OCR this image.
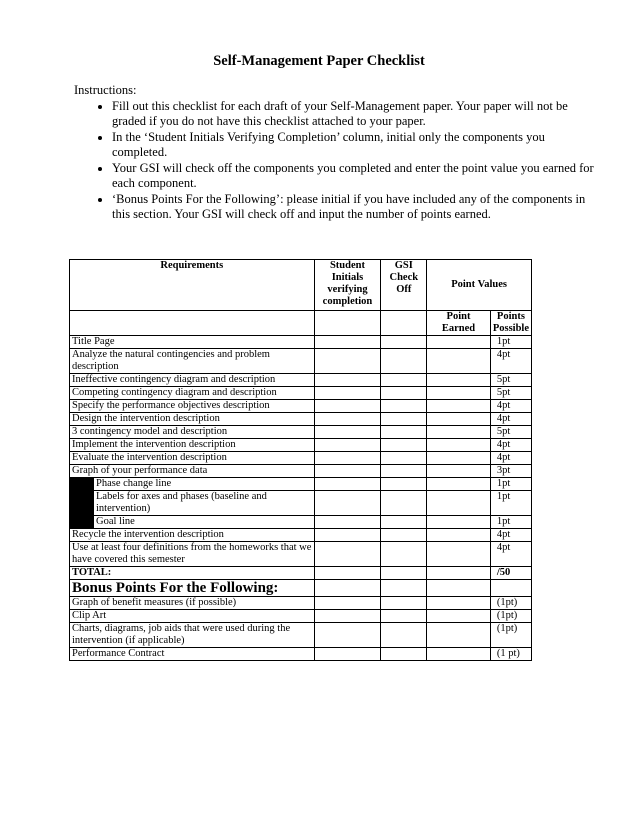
Self-Management Paper Checklist
Instructions:
• Fill out this checklist for each draft of your Self-Management paper. Your paper will not be graded if you do not have this checklist attached to your paper.
• In the ‘Student Initials Verifying Completion’ column, initial only the components you completed.
• Your GSI will check off the components you completed and enter the point value you earned for each component.
• ‘Bonus Points For the Following’: please initial if you have included any of the components in this section. Your GSI will check off and input the number of points earned.
Requirements	Student Initials verifying completion	GSI Check Off	Point Values	
			Point Earned	Points Possible
Title Page				1pt
Analyze the natural contingencies and problem description				4pt
Ineffective contingency diagram and description				5pt
Competing contingency diagram and description				5pt
Specify the performance objectives description				4pt
Design the intervention description				4pt
3 contingency model and description				5pt
Implement the intervention description				4pt
Evaluate the intervention description				4pt
Graph of your performance data				3pt

Phase change line				1pt

Labels for axes and phases (baseline and intervention)				1pt

Goal line				1pt
Recycle the intervention description				4pt
Use at least four definitions from the homeworks that we have covered this semester				4pt
TOTAL:				/50
Bonus Points For the Following:				
Graph of benefit measures (if possible)				(1pt)
Clip Art				(1pt)
Charts, diagrams, job aids that were used during the intervention (if applicable)				(1pt)
Performance Contract				(1 pt)
